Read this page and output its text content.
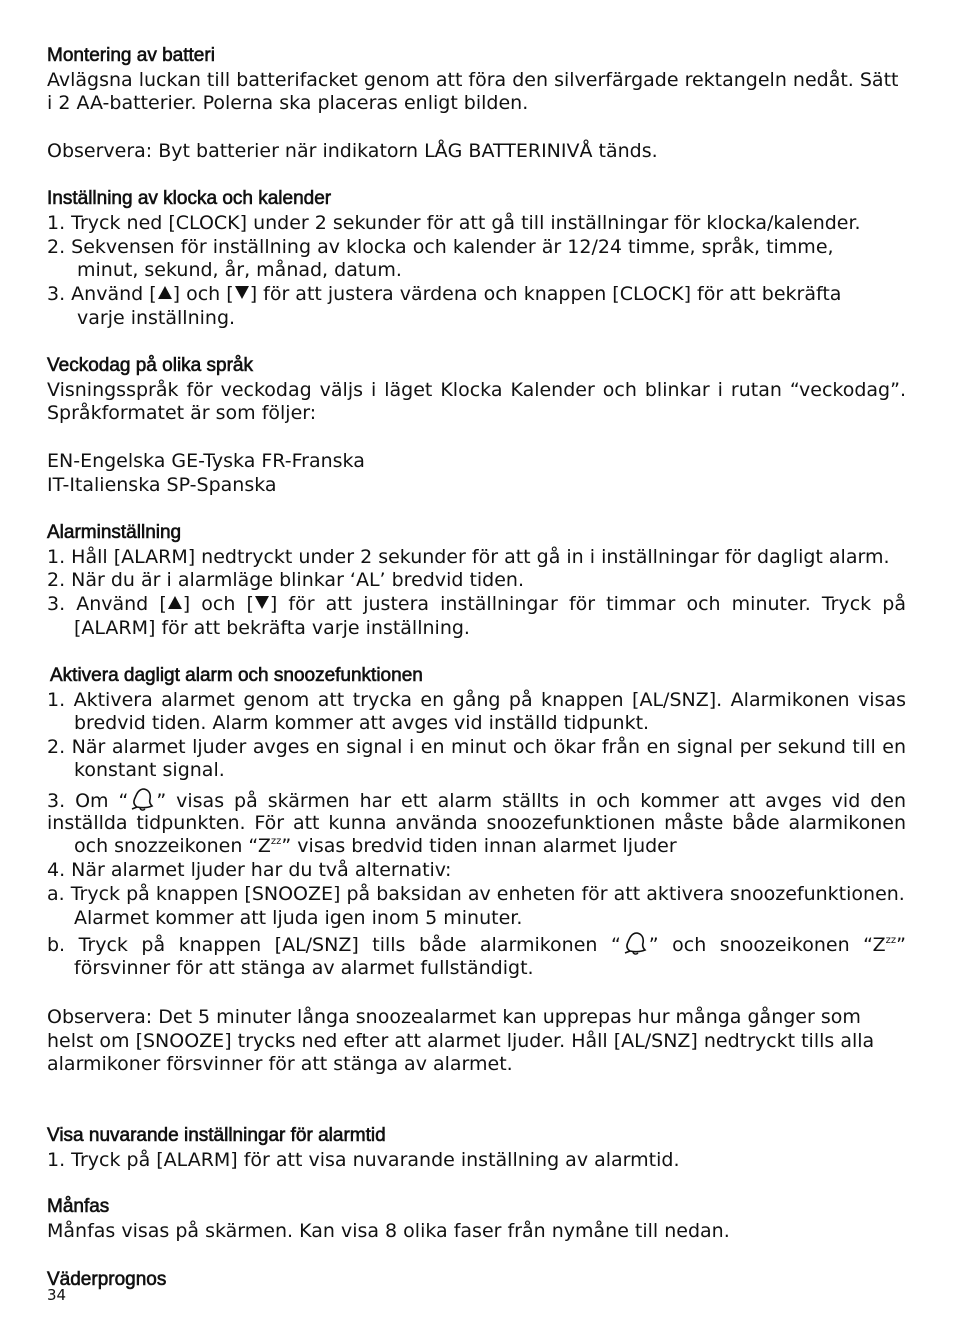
Montering av batteri
Avlägsna luckan till batterifacket genom att föra den silverfärgade rektangeln nedåt. Sätt
i 2 AA-batterier. Polerna ska placeras enligt bilden.
Observera: Byt batterier när indikatorn LÅG BATTERINIVÅ tänds.
Inställning av klocka och kalender
1. Tryck ned [CLOCK] under 2 sekunder för att gå till inställningar för klocka/kalender.
2. Sekvensen för inställning av klocka och kalender är 12/24 timme, språk, timme,
minut, sekund, år, månad, datum.
3. Använd [ ] och [ ] för att justera värdena och knappen [CLOCK] för att bekräfta
varje inställning.
Veckodag på olika språk
Visningsspråk för veckodag väljs i läget Klocka Kalender och blinkar i rutan “veckodag”.
Språkformatet är som följer:
EN-Engelska GE-Tyska FR-Franska
IT-Italienska SP-Spanska
Alarminställning
1. Håll [ALARM] nedtryckt under 2 sekunder för att gå in i inställningar för dagligt alarm.
2. När du är i alarmläge blinkar ‘AL’ bredvid tiden.
3. Använd [ ] och [ ] för att justera inställningar för timmar och minuter. Tryck på
[ALARM] för att bekräfta varje inställning.
Aktivera dagligt alarm och snoozefunktionen
1. Aktivera alarmet genom att trycka en gång på knappen [AL/SNZ]. Alarmikonen visas
bredvid tiden. Alarm kommer att avges vid inställd tidpunkt.
2. När alarmet ljuder avges en signal i en minut och ökar från en signal per sekund till en
konstant signal.
3. Om “ ” visas på skärmen har ett alarm ställts in och kommer att avges vid den
inställda tidpunkten. För att kunna använda snoozefunktionen måste både alarmikonen
och snozzeikonen “$Z^{zz}$” visas bredvid tiden innan alarmet ljuder
4. När alarmet ljuder har du två alternativ:
a. Tryck på knappen [SNOOZE] på baksidan av enheten för att aktivera snoozefunktionen.
Alarmet kommer att ljuda igen inom 5 minuter.
b. Tryck på knappen [AL/SNZ] tills både alarmikonen “ ” och snoozeikonen “$Z^{zz}$”
försvinner för att stänga av alarmet fullständigt.
Observera: Det 5 minuter långa snoozealarmet kan upprepas hur många gånger som
helst om [SNOOZE] trycks ned efter att alarmet ljuder. Håll [AL/SNZ] nedtryckt tills alla
alarmikoner försvinner för att stänga av alarmet.
Visa nuvarande inställningar för alarmtid
1. Tryck på [ALARM] för att visa nuvarande inställning av alarmtid.
Månfas
Månfas visas på skärmen. Kan visa 8 olika faser från nymåne till nedan.
Väderprognos
34
